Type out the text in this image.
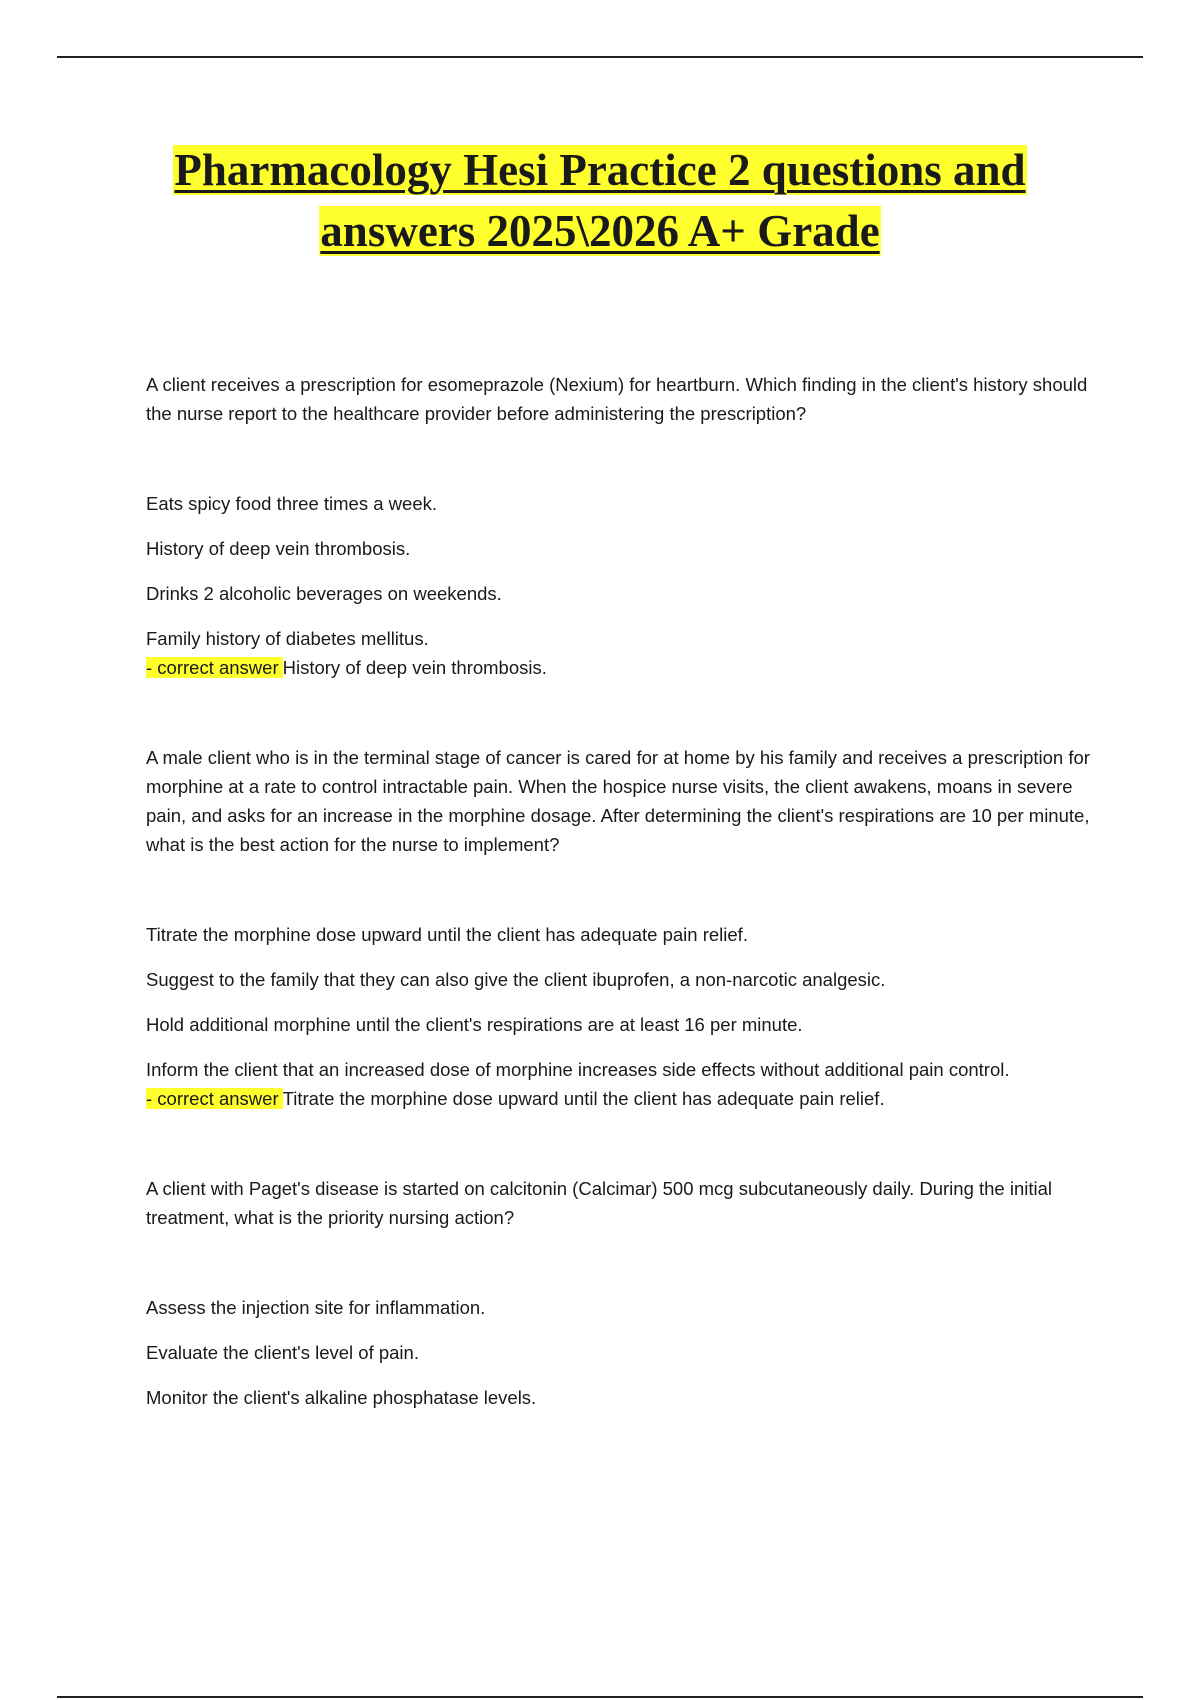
Pharmacology Hesi Practice 2 questions and answers 2025\2026 A+ Grade

A client receives a prescription for esomeprazole (Nexium) for heartburn. Which finding in the client's history should the nurse report to the healthcare provider before administering the prescription?

Eats spicy food three times a week.

History of deep vein thrombosis.

Drinks 2 alcoholic beverages on weekends.

Family history of diabetes mellitus.

- correct answer History of deep vein thrombosis.

A male client who is in the terminal stage of cancer is cared for at home by his family and receives a prescription for morphine at a rate to control intractable pain. When the hospice nurse visits, the client awakens, moans in severe pain, and asks for an increase in the morphine dosage. After determining the client's respirations are 10 per minute, what is the best action for the nurse to implement?

Titrate the morphine dose upward until the client has adequate pain relief.

Suggest to the family that they can also give the client ibuprofen, a non-narcotic analgesic.

Hold additional morphine until the client's respirations are at least 16 per minute.

Inform the client that an increased dose of morphine increases side effects without additional pain control.

- correct answer Titrate the morphine dose upward until the client has adequate pain relief.

A client with Paget's disease is started on calcitonin (Calcimar) 500 mcg subcutaneously daily. During the initial treatment, what is the priority nursing action?

Assess the injection site for inflammation.

Evaluate the client's level of pain.

Monitor the client's alkaline phosphatase levels.
